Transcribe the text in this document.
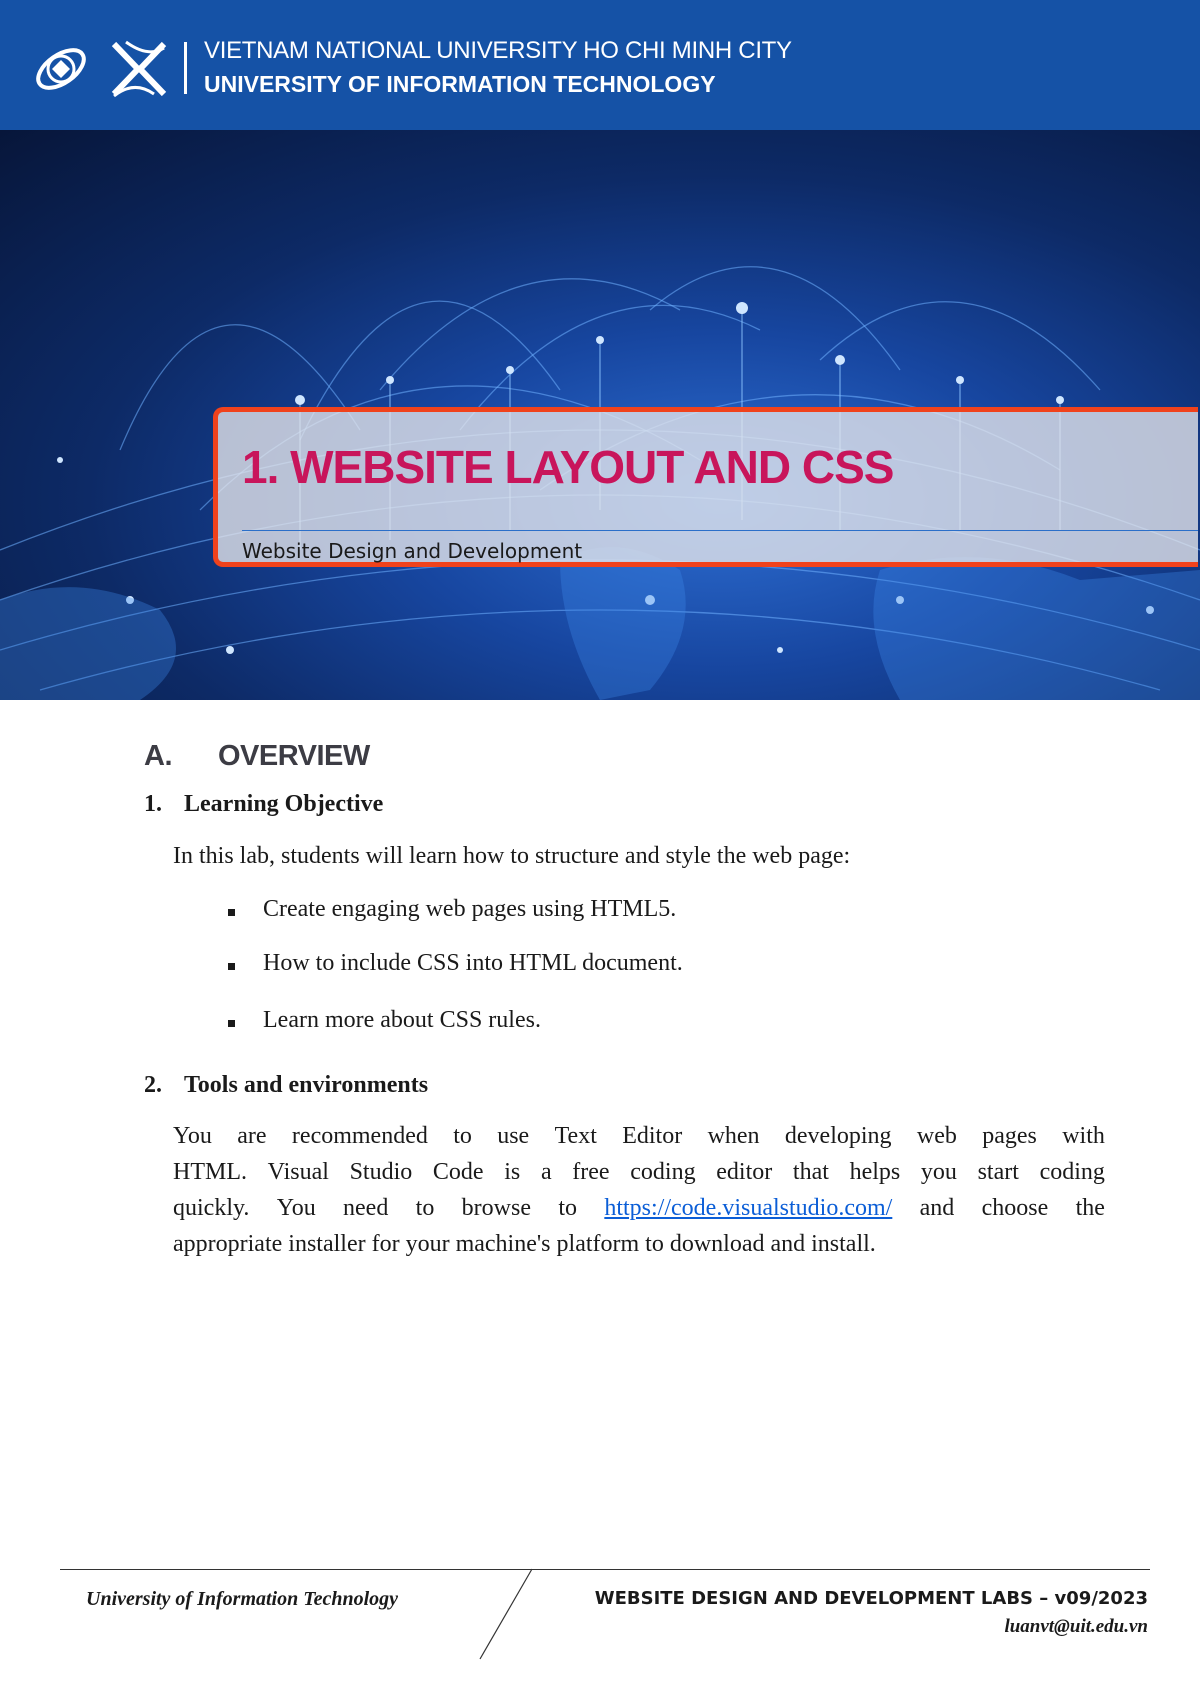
VIETNAM NATIONAL UNIVERSITY HO CHI MINH CITY
UNIVERSITY OF INFORMATION TECHNOLOGY
1. WEBSITE LAYOUT AND CSS
Website Design and Development
A. OVERVIEW
1. Learning Objective
In this lab, students will learn how to structure and style the web page:
Create engaging web pages using HTML5.
How to include CSS into HTML document.
Learn more about CSS rules.
2. Tools and environments
You are recommended to use Text Editor when developing web pages with
HTML. Visual Studio Code is a free coding editor that helps you start coding
quickly. You need to browse to https://code.visualstudio.com/ and choose the
appropriate installer for your machine's platform to download and install.
University of Information Technology	WEBSITE DESIGN AND DEVELOPMENT LABS – v09/2023
luanvt@uit.edu.vn
